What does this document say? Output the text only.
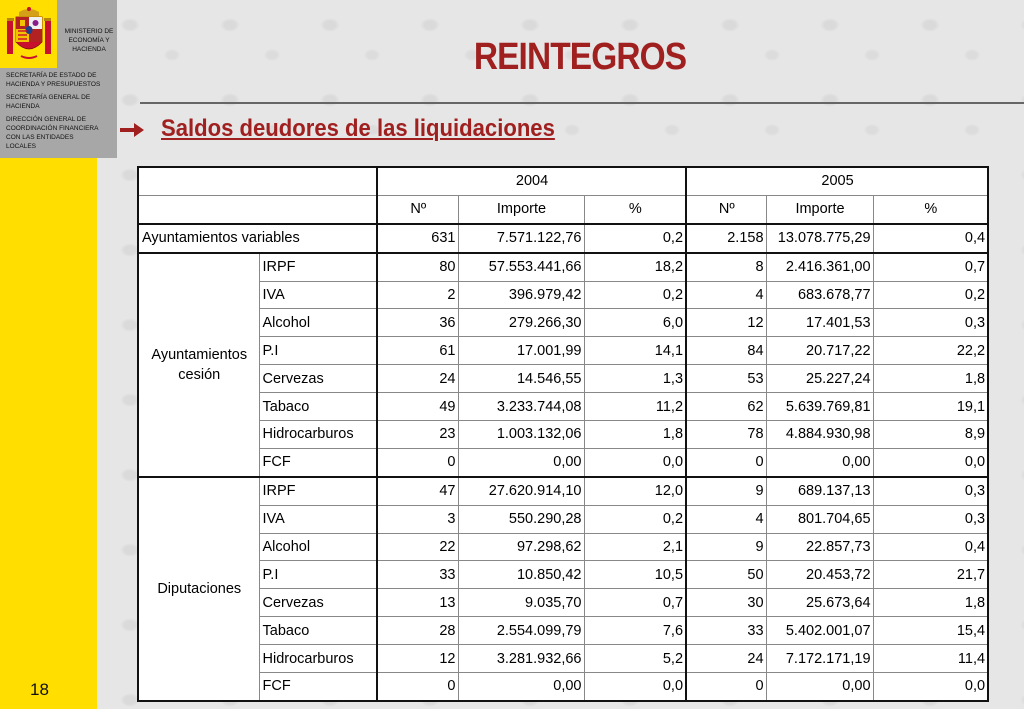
MINISTERIO DE
ECONOMÍA Y
HACIENDA
SECRETARÍA DE ESTADO DE
HACIENDA Y PRESUPUESTOS
SECRETARÍA GENERAL DE
HACIENDA
DIRECCIÓN GENERAL DE
COORDINACIÓN FINANCIERA
CON LAS ENTIDADES
LOCALES
REINTEGROS
Saldos deudores de las liquidaciones
		2004			2005		
		Nº	Importe	%	Nº	Importe	%
Ayuntamientos variables		631	7.571.122,76	0,2	2.158	13.078.775,29	0,4
Ayuntamientos cesión	IRPF	80	57.553.441,66	18,2	8	2.416.361,00	0,7
	IVA	2	396.979,42	0,2	4	683.678,77	0,2
	Alcohol	36	279.266,30	6,0	12	17.401,53	0,3
	P.I	61	17.001,99	14,1	84	20.717,22	22,2
	Cervezas	24	14.546,55	1,3	53	25.227,24	1,8
	Tabaco	49	3.233.744,08	11,2	62	5.639.769,81	19,1
	Hidrocarburos	23	1.003.132,06	1,8	78	4.884.930,98	8,9
	FCF	0	0,00	0,0	0	0,00	0,0
Diputaciones	IRPF	47	27.620.914,10	12,0	9	689.137,13	0,3
	IVA	3	550.290,28	0,2	4	801.704,65	0,3
	Alcohol	22	97.298,62	2,1	9	22.857,73	0,4
	P.I	33	10.850,42	10,5	50	20.453,72	21,7
	Cervezas	13	9.035,70	0,7	30	25.673,64	1,8
	Tabaco	28	2.554.099,79	7,6	33	5.402.001,07	15,4
	Hidrocarburos	12	3.281.932,66	5,2	24	7.172.171,19	11,4
	FCF	0	0,00	0,0	0	0,00	0,0
18
